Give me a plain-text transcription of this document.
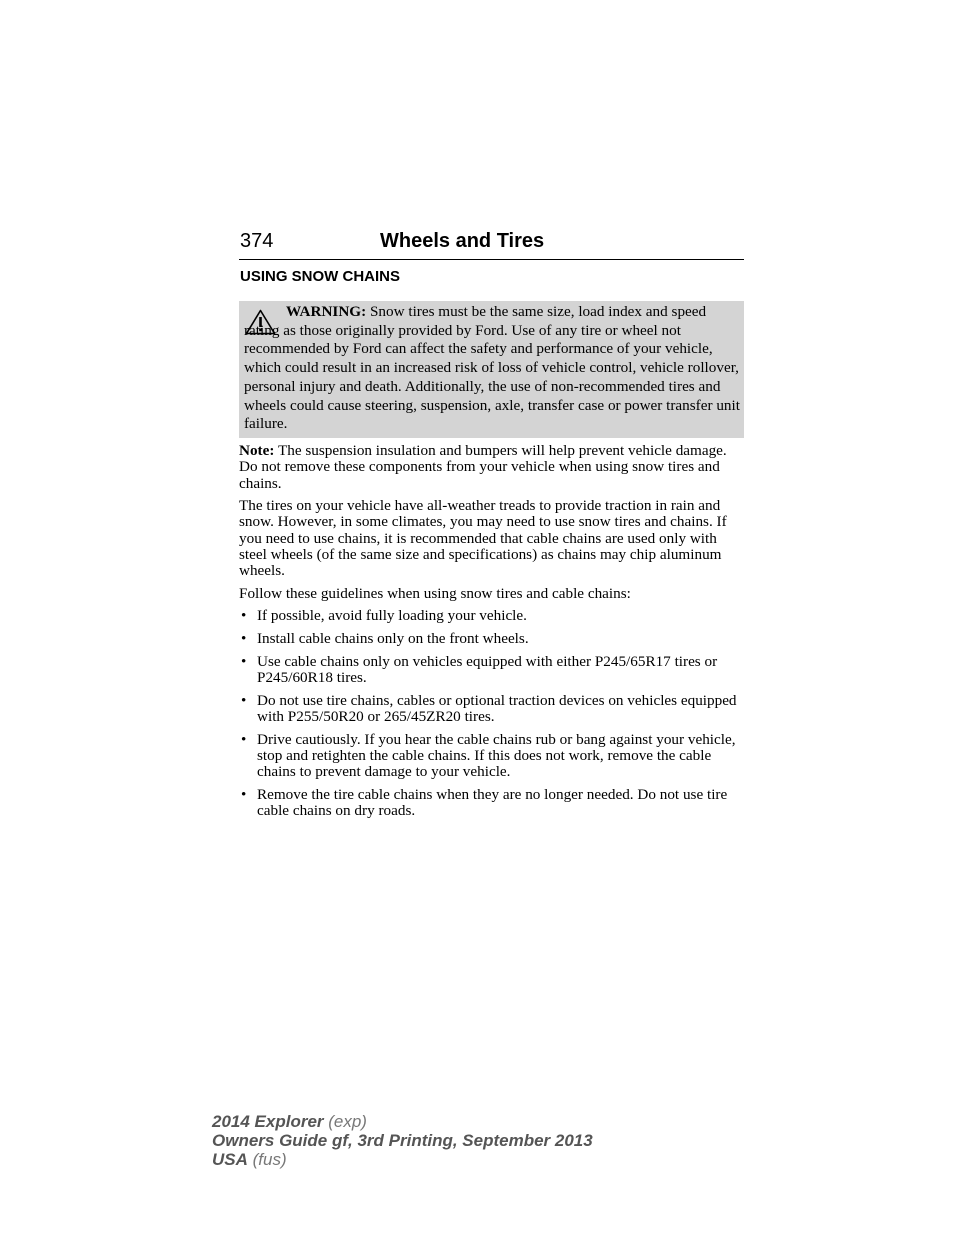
374	Wheels and Tires
USING SNOW CHAINS

WARNING: Snow tires must be the same size, load index and speed rating as those originally provided by Ford. Use of any tire or wheel not recommended by Ford can affect the safety and performance of your vehicle, which could result in an increased risk of loss of vehicle control, vehicle rollover, personal injury and death. Additionally, the use of non-recommended tires and wheels could cause steering, suspension, axle, transfer case or power transfer unit failure.

Note: The suspension insulation and bumpers will help prevent vehicle damage. Do not remove these components from your vehicle when using snow tires and chains.

The tires on your vehicle have all-weather treads to provide traction in rain and snow. However, in some climates, you may need to use snow tires and chains. If you need to use chains, it is recommended that cable chains are used only with steel wheels (of the same size and specifications) as chains may chip aluminum wheels.

Follow these guidelines when using snow tires and cable chains:

• If possible, avoid fully loading your vehicle.
• Install cable chains only on the front wheels.
• Use cable chains only on vehicles equipped with either P245/65R17 tires or P245/60R18 tires.
• Do not use tire chains, cables or optional traction devices on vehicles equipped with P255/50R20 or 265/45ZR20 tires.
• Drive cautiously. If you hear the cable chains rub or bang against your vehicle, stop and retighten the cable chains. If this does not work, remove the cable chains to prevent damage to your vehicle.
• Remove the tire cable chains when they are no longer needed. Do not use tire cable chains on dry roads.
2014 Explorer (exp)
Owners Guide gf, 3rd Printing, September 2013
USA (fus)
